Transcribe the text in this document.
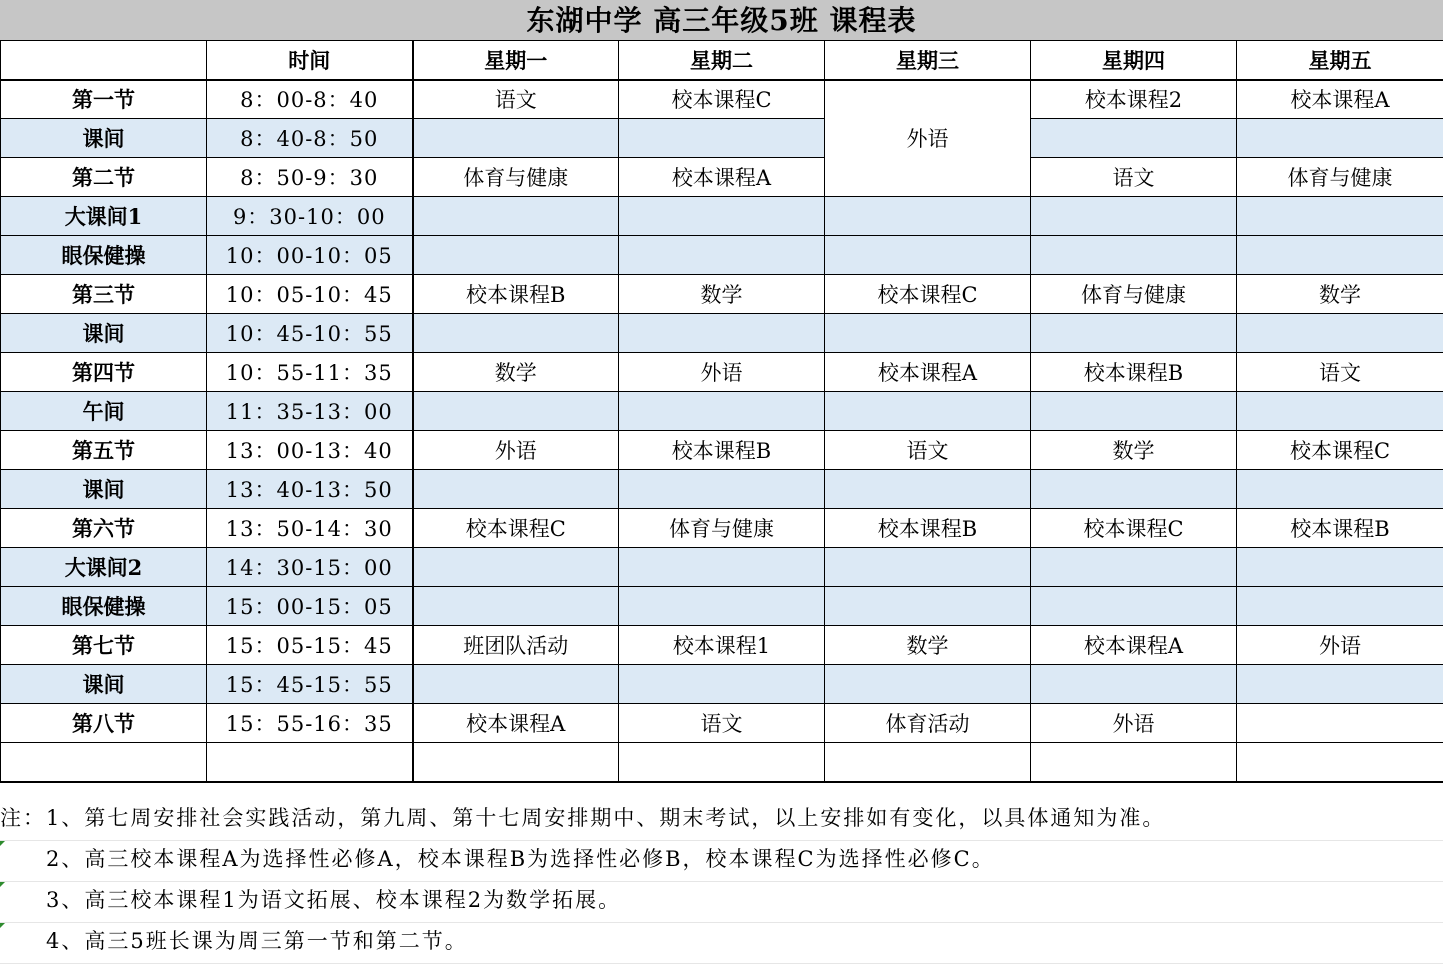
东湖中学 高三年级5班 课程表
	时间	星期一	星期二	星期三	星期四	星期五
第一节	8：00-8：40	语文	校本课程C	外语	校本课程2	校本课程A
课间	8：40-8：50					
第二节	8：50-9：30	体育与健康	校本课程A		语文	体育与健康
大课间1	9：30-10：00					
眼保健操	10：00-10：05					
第三节	10：05-10：45	校本课程B	数学	校本课程C	体育与健康	数学
课间	10：45-10：55					
第四节	10：55-11：35	数学	外语	校本课程A	校本课程B	语文
午间	11：35-13：00					
第五节	13：00-13：40	外语	校本课程B	语文	数学	校本课程C
课间	13：40-13：50					
第六节	13：50-14：30	校本课程C	体育与健康	校本课程B	校本课程C	校本课程B
大课间2	14：30-15：00					
眼保健操	15：00-15：05					
第七节	15：05-15：45	班团队活动	校本课程1	数学	校本课程A	外语
课间	15：45-15：55					
第八节	15：55-16：35	校本课程A	语文	体育活动	外语	

注：1、第七周安排社会实践活动，第九周、第十七周安排期中、期末考试，以上安排如有变化，以具体通知为准。
　　2、高三校本课程A为选择性必修A，校本课程B为选择性必修B，校本课程C为选择性必修C。
　　3、高三校本课程1为语文拓展、校本课程2为数学拓展。
　　4、高三5班长课为周三第一节和第二节。
